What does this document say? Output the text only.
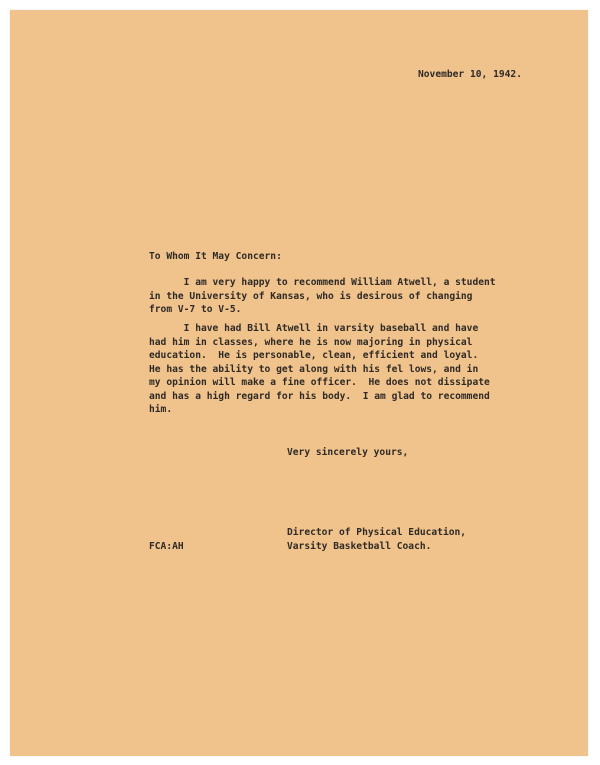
November 10, 1942.
To Whom It May Concern:
I am very happy to recommend William Atwell, a student
in the University of Kansas, who is desirous of changing
from V-7 to V-5.
I have had Bill Atwell in varsity baseball and have
had him in classes, where he is now majoring in physical
education.  He is personable, clean, efficient and loyal.
He has the ability to get along with his fel lows, and in
my opinion will make a fine officer.  He does not dissipate
and has a high regard for his body.  I am glad to recommend
him.
Very sincerely yours,
Director of Physical Education,
FCA:AH	Varsity Basketball Coach.
